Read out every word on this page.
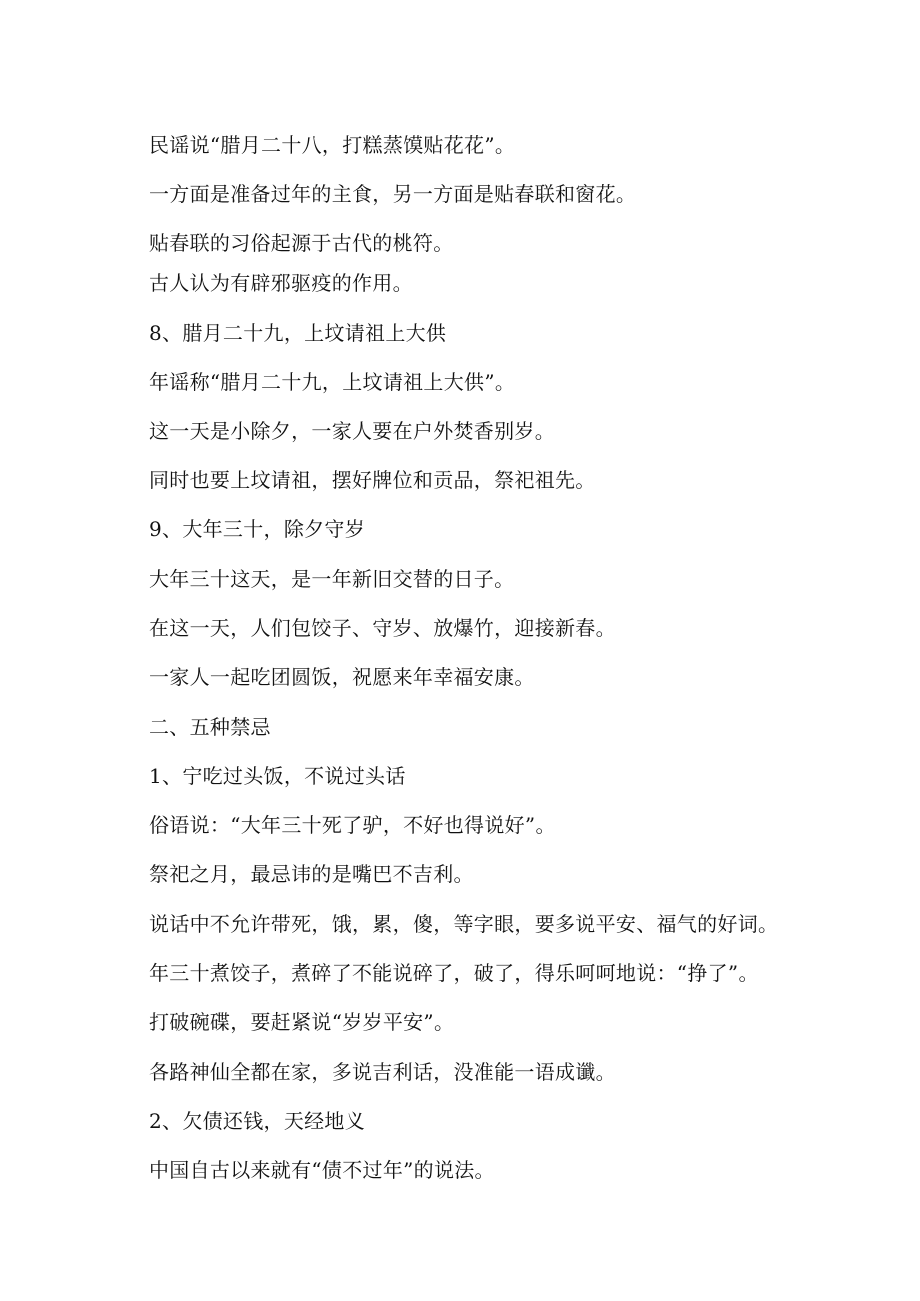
民谣说“腊月二十八，打糕蒸馍贴花花”。
一方面是准备过年的主食，另一方面是贴春联和窗花。
贴春联的习俗起源于古代的桃符。
古人认为有辟邪驱疫的作用。
8、腊月二十九，上坟请祖上大供
年谣称“腊月二十九，上坟请祖上大供”。
这一天是小除夕，一家人要在户外焚香别岁。
同时也要上坟请祖，摆好牌位和贡品，祭祀祖先。
9、大年三十，除夕守岁
大年三十这天，是一年新旧交替的日子。
在这一天，人们包饺子、守岁、放爆竹，迎接新春。
一家人一起吃团圆饭，祝愿来年幸福安康。
二、五种禁忌
1、宁吃过头饭，不说过头话
俗语说：“大年三十死了驴，不好也得说好”。
祭祀之月，最忌讳的是嘴巴不吉利。
说话中不允许带死，饿，累，傻，等字眼，要多说平安、福气的好词。
年三十煮饺子，煮碎了不能说碎了，破了，得乐呵呵地说：“挣了”。
打破碗碟，要赶紧说“岁岁平安”。
各路神仙全都在家，多说吉利话，没准能一语成谶。
2、欠债还钱，天经地义
中国自古以来就有“债不过年”的说法。
